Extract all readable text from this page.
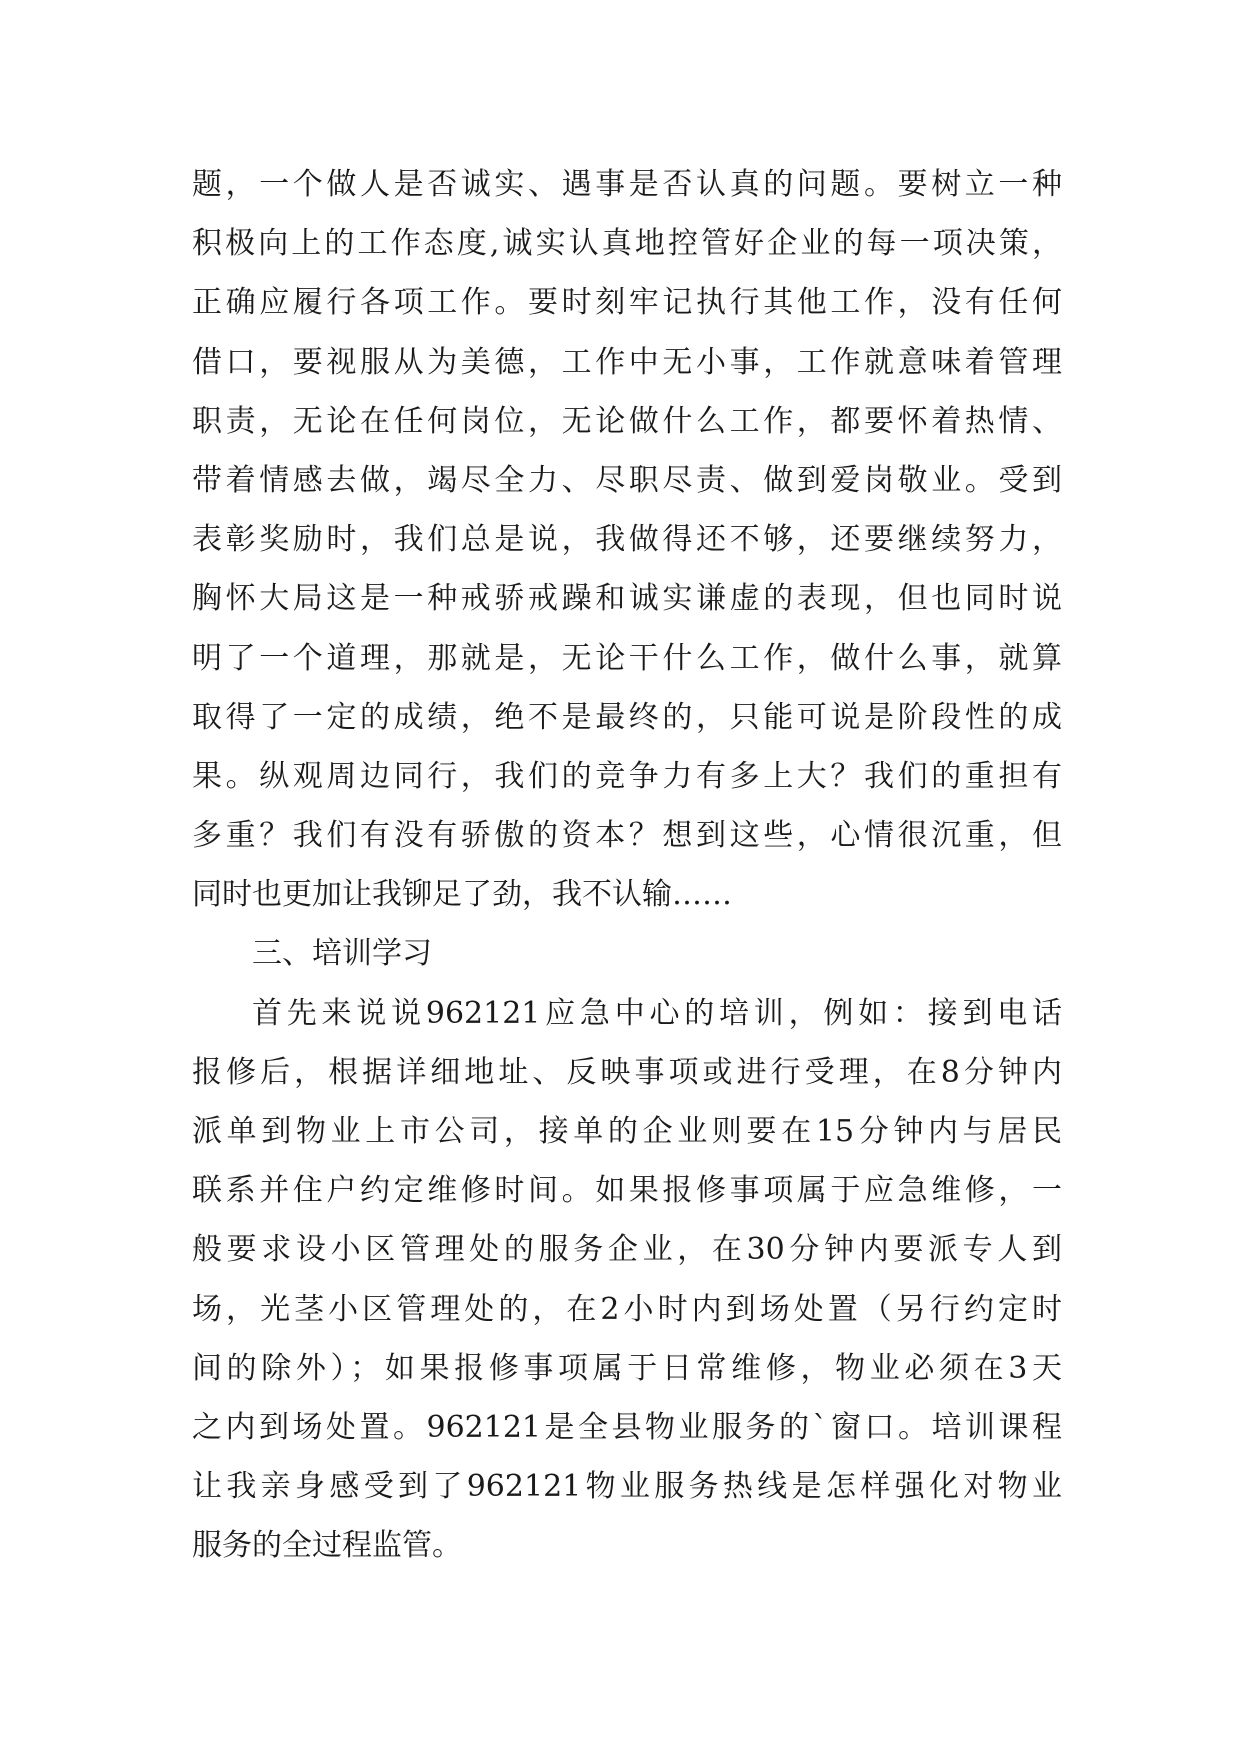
题，一个做人是否诚实、遇事是否认真的问题。要树立一种
积极向上的工作态度,诚实认真地控管好企业的每一项决策，
正确应履行各项工作。要时刻牢记执行其他工作，没有任何
借口，要视服从为美德，工作中无小事，工作就意味着管理
职责，无论在任何岗位，无论做什么工作，都要怀着热情、
带着情感去做，竭尽全力、尽职尽责、做到爱岗敬业。受到
表彰奖励时，我们总是说，我做得还不够，还要继续努力，
胸怀大局这是一种戒骄戒躁和诚实谦虚的表现，但也同时说
明了一个道理，那就是，无论干什么工作，做什么事，就算
取得了一定的成绩，绝不是最终的，只能可说是阶段性的成
果。纵观周边同行，我们的竞争力有多上大？我们的重担有
多重？我们有没有骄傲的资本？想到这些，心情很沉重，但
同时也更加让我铆足了劲，我不认输……
三、培训学习
首先来说说962121应急中心的培训，例如：接到电话
报修后，根据详细地址、反映事项或进行受理，在8分钟内
派单到物业上市公司，接单的企业则要在15分钟内与居民
联系并住户约定维修时间。如果报修事项属于应急维修，一
般要求设小区管理处的服务企业，在30分钟内要派专人到
场，光茎小区管理处的，在2小时内到场处置（另行约定时
间的除外）；如果报修事项属于日常维修，物业必须在3天
之内到场处置。962121是全县物业服务的`窗口。培训课程
让我亲身感受到了962121物业服务热线是怎样强化对物业
服务的全过程监管。
